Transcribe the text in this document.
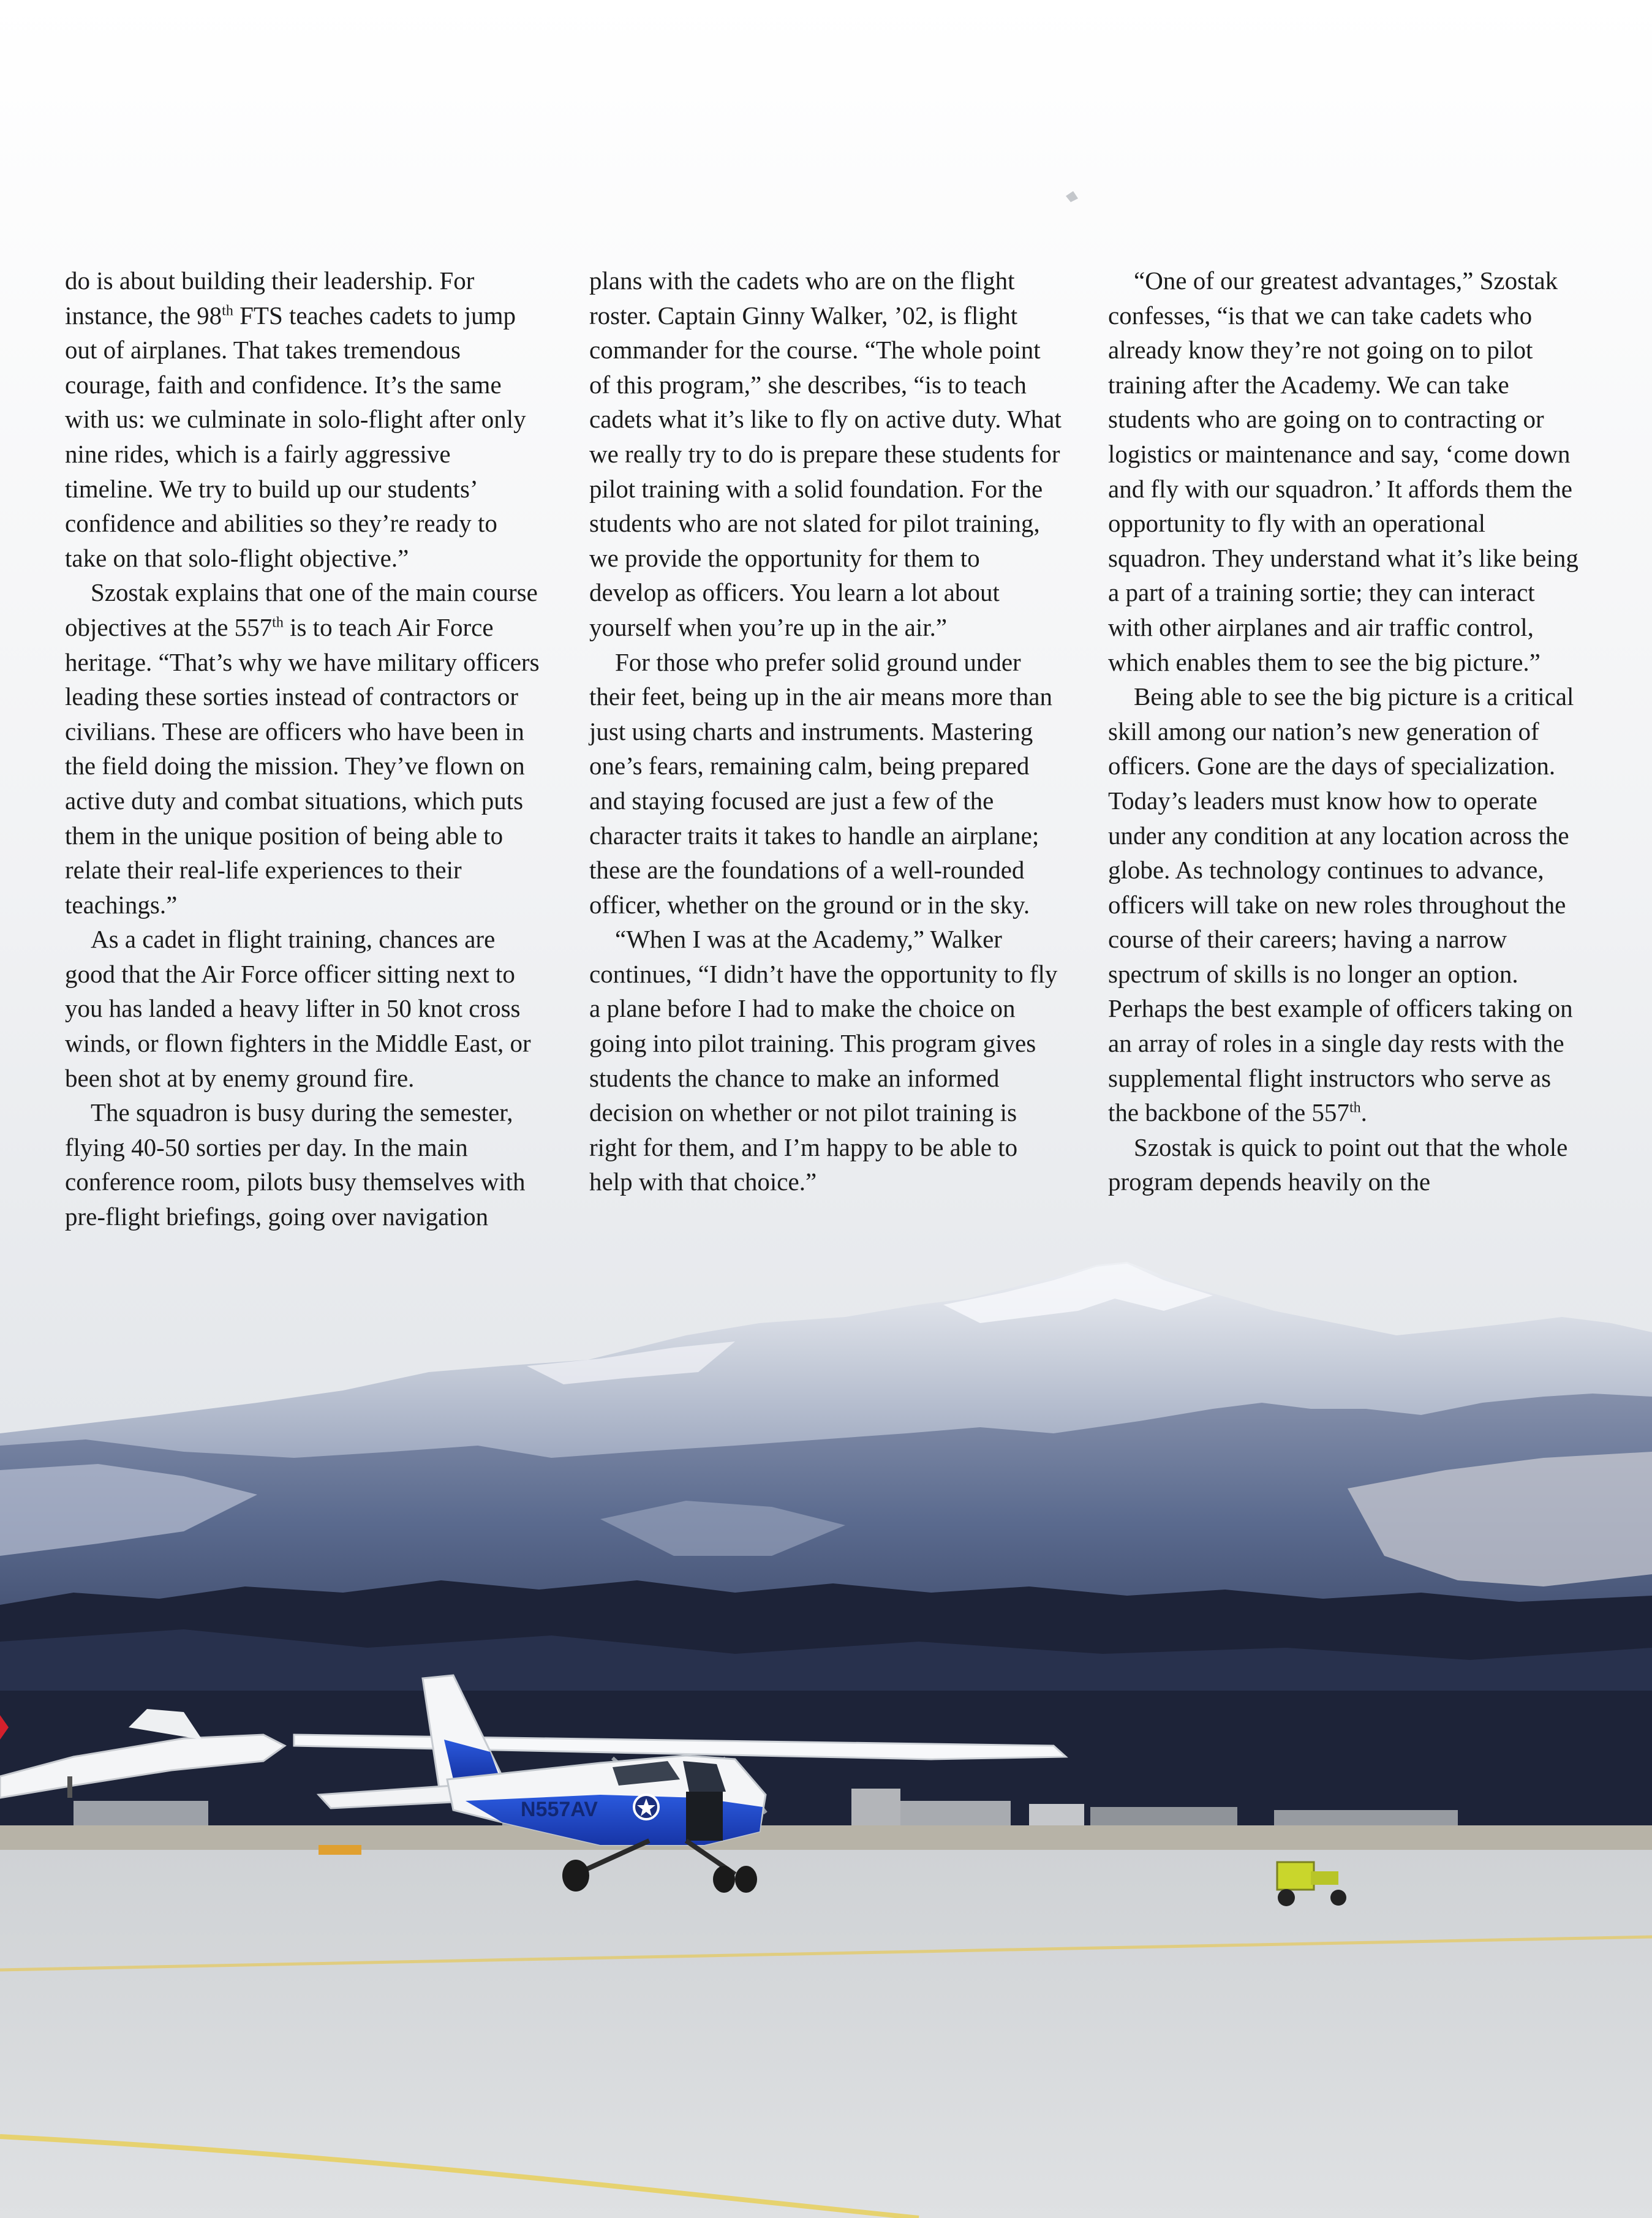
N557AV

do is about building their leadership. For instance, the 98th FTS teaches cadets to jump out of airplanes. That takes tremendous courage, faith and confidence. It’s the same with us: we culminate in solo-flight after only nine rides, which is a fairly aggressive timeline. We try to build up our students’ confidence and abilities so they’re ready to take on that solo-flight objective.”

Szostak explains that one of the main course objectives at the 557th is to teach Air Force heritage. “That’s why we have military officers leading these sorties instead of contractors or civilians. These are officers who have been in the field doing the mission. They’ve flown on active duty and combat situations, which puts them in the unique position of being able to relate their real-life experiences to their teachings.”

As a cadet in flight training, chances are good that the Air Force officer sitting next to you has landed a heavy lifter in 50 knot cross winds, or flown fighters in the Middle East, or been shot at by enemy ground fire.

The squadron is busy during the semester, flying 40-50 sorties per day. In the main conference room, pilots busy themselves with pre-flight briefings, going over navigation

plans with the cadets who are on the flight roster. Captain Ginny Walker, ’02, is flight commander for the course. “The whole point of this program,” she describes, “is to teach cadets what it’s like to fly on active duty. What we really try to do is prepare these students for pilot training with a solid foundation. For the students who are not slated for pilot training, we provide the opportunity for them to develop as officers. You learn a lot about yourself when you’re up in the air.”

For those who prefer solid ground under their feet, being up in the air means more than just using charts and instruments. Mastering one’s fears, remaining calm, being prepared and staying focused are just a few of the character traits it takes to handle an airplane; these are the foundations of a well-rounded officer, whether on the ground or in the sky.

“When I was at the Academy,” Walker continues, “I didn’t have the opportunity to fly a plane before I had to make the choice on going into pilot training. This program gives students the chance to make an informed decision on whether or not pilot training is right for them, and I’m happy to be able to help with that choice.”

“One of our greatest advantages,” Szostak confesses, “is that we can take cadets who already know they’re not going on to pilot training after the Academy. We can take students who are going on to contracting or logistics or maintenance and say, ‘come down and fly with our squadron.’ It affords them the opportunity to fly with an operational squadron. They understand what it’s like being a part of a training sortie; they can interact with other airplanes and air traffic control, which enables them to see the big picture.”

Being able to see the big picture is a critical skill among our nation’s new generation of officers. Gone are the days of specialization. Today’s leaders must know how to operate under any condition at any location across the globe. As technology continues to advance, officers will take on new roles throughout the course of their careers; having a narrow spectrum of skills is no longer an option. Perhaps the best example of officers taking on an array of roles in a single day rests with the supplemental flight instructors who serve as the backbone of the 557th.

Szostak is quick to point out that the whole program depends heavily on the
